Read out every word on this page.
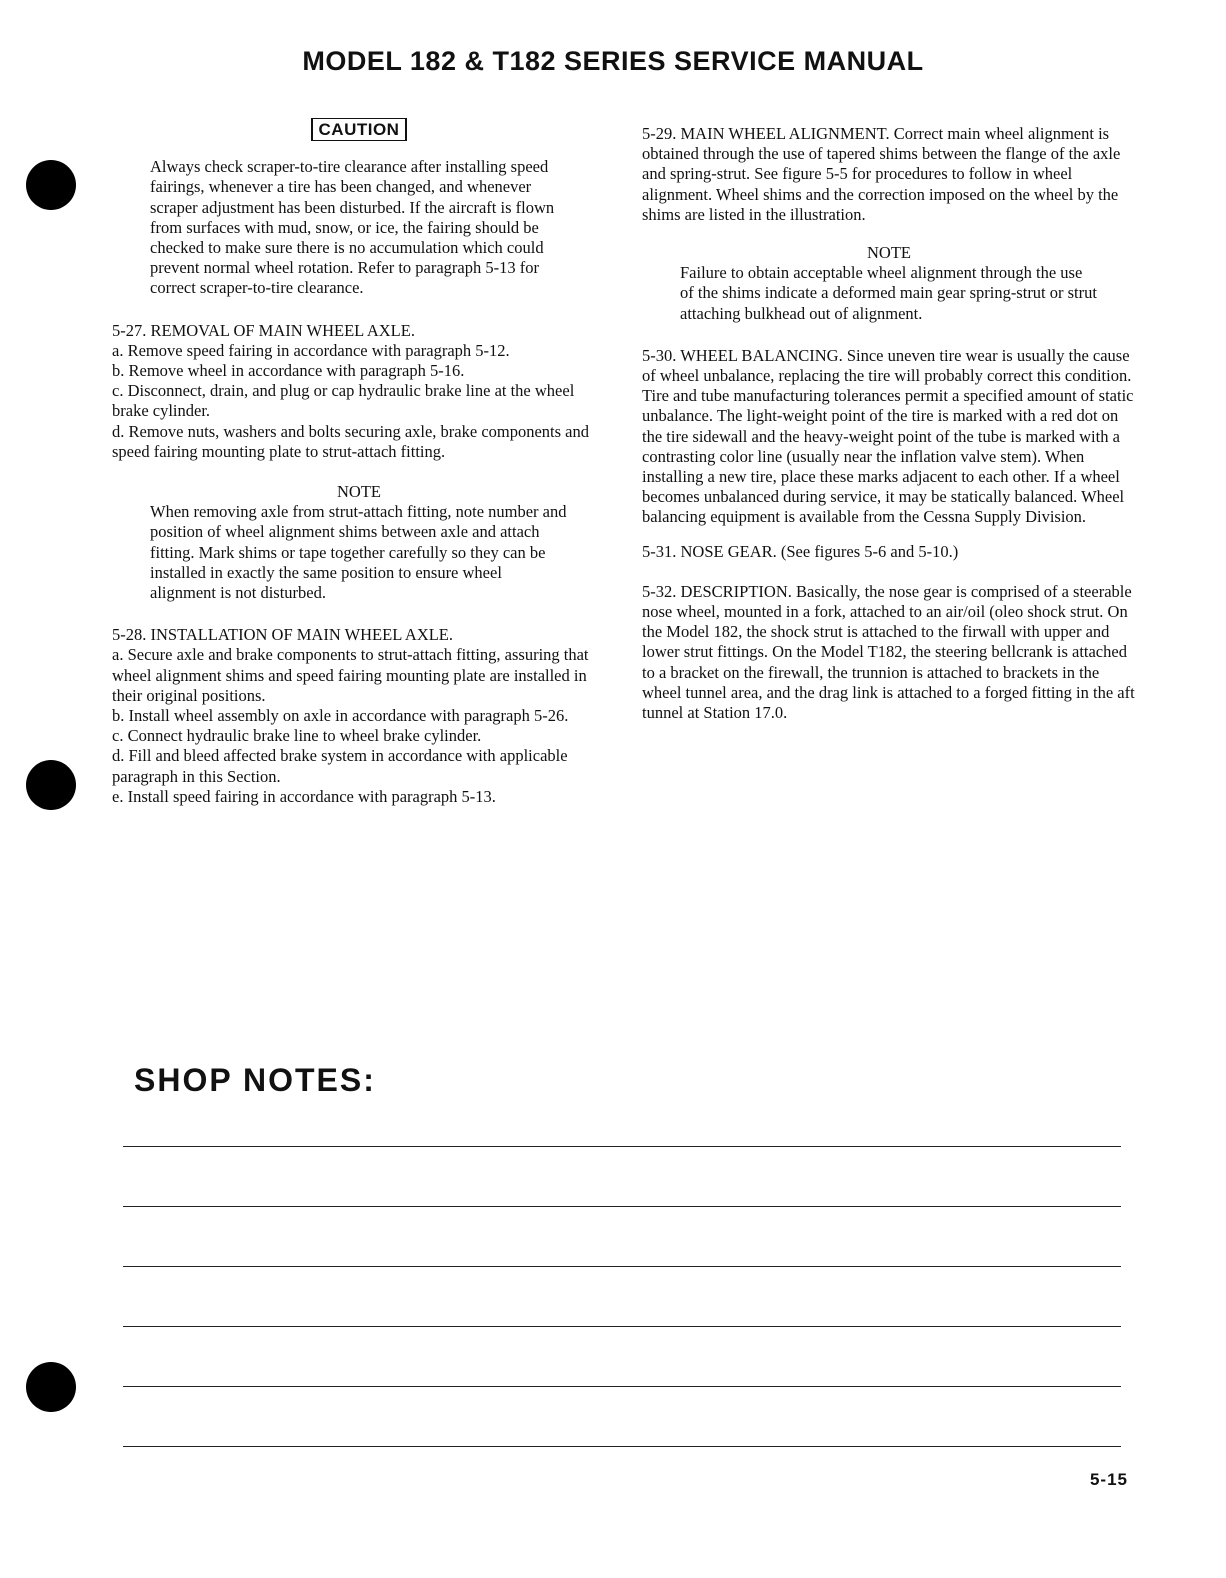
MODEL 182 & T182 SERIES SERVICE MANUAL
CAUTION

Always check scraper-to-tire clearance after installing speed fairings, whenever a tire has been changed, and whenever scraper adjustment has been disturbed. If the aircraft is flown from surfaces with mud, snow, or ice, the fairing should be checked to make sure there is no accumulation which could prevent normal wheel rotation. Refer to paragraph 5-13 for correct scraper-to-tire clearance.

5-27. REMOVAL OF MAIN WHEEL AXLE.

a. Remove speed fairing in accordance with paragraph 5-12.

b. Remove wheel in accordance with paragraph 5-16.

c. Disconnect, drain, and plug or cap hydraulic brake line at the wheel brake cylinder.

d. Remove nuts, washers and bolts securing axle, brake components and speed fairing mounting plate to strut-attach fitting.

NOTE

When removing axle from strut-attach fitting, note number and position of wheel alignment shims between axle and attach fitting. Mark shims or tape together carefully so they can be installed in exactly the same position to ensure wheel alignment is not disturbed.

5-28. INSTALLATION OF MAIN WHEEL AXLE.

a. Secure axle and brake components to strut-attach fitting, assuring that wheel alignment shims and speed fairing mounting plate are installed in their original positions.

b. Install wheel assembly on axle in accordance with paragraph 5-26.

c. Connect hydraulic brake line to wheel brake cylinder.

d. Fill and bleed affected brake system in accordance with applicable paragraph in this Section.

e. Install speed fairing in accordance with paragraph 5-13.

5-29. MAIN WHEEL ALIGNMENT. Correct main wheel alignment is obtained through the use of tapered shims between the flange of the axle and spring-strut. See figure 5-5 for procedures to follow in wheel alignment. Wheel shims and the correction imposed on the wheel by the shims are listed in the illustration.

NOTE

Failure to obtain acceptable wheel alignment through the use of the shims indicate a deformed main gear spring-strut or strut attaching bulkhead out of alignment.

5-30. WHEEL BALANCING. Since uneven tire wear is usually the cause of wheel unbalance, replacing the tire will probably correct this condition. Tire and tube manufacturing tolerances permit a specified amount of static unbalance. The light-weight point of the tire is marked with a red dot on the tire sidewall and the heavy-weight point of the tube is marked with a contrasting color line (usually near the inflation valve stem). When installing a new tire, place these marks adjacent to each other. If a wheel becomes unbalanced during service, it may be statically balanced. Wheel balancing equipment is available from the Cessna Supply Division.

5-31. NOSE GEAR. (See figures 5-6 and 5-10.)

5-32. DESCRIPTION. Basically, the nose gear is comprised of a steerable nose wheel, mounted in a fork, attached to an air/oil (oleo shock strut. On the Model 182, the shock strut is attached to the firwall with upper and lower strut fittings. On the Model T182, the steering bellcrank is attached to a bracket on the firewall, the trunnion is attached to brackets in the wheel tunnel area, and the drag link is attached to a forged fitting in the aft tunnel at Station 17.0.

SHOP NOTES:
5-15
